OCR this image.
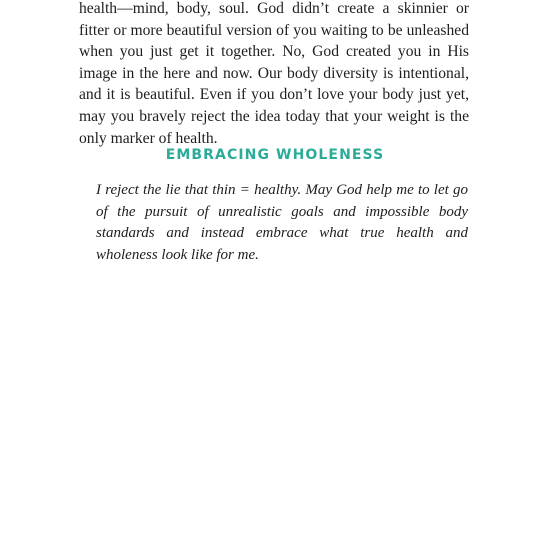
health—mind, body, soul. God didn’t create a skinnier or fitter or more beautiful version of you waiting to be unleashed when you just get it together. No, God created you in His image in the here and now. Our body diversity is intentional, and it is beautiful. Even if you don’t love your body just yet, may you bravely reject the idea today that your weight is the only marker of health.

EMBRACING WHOLENESS

I reject the lie that thin = healthy. May God help me to let go of the pursuit of unrealistic goals and impossible body standards and instead embrace what true health and wholeness look like for me.
